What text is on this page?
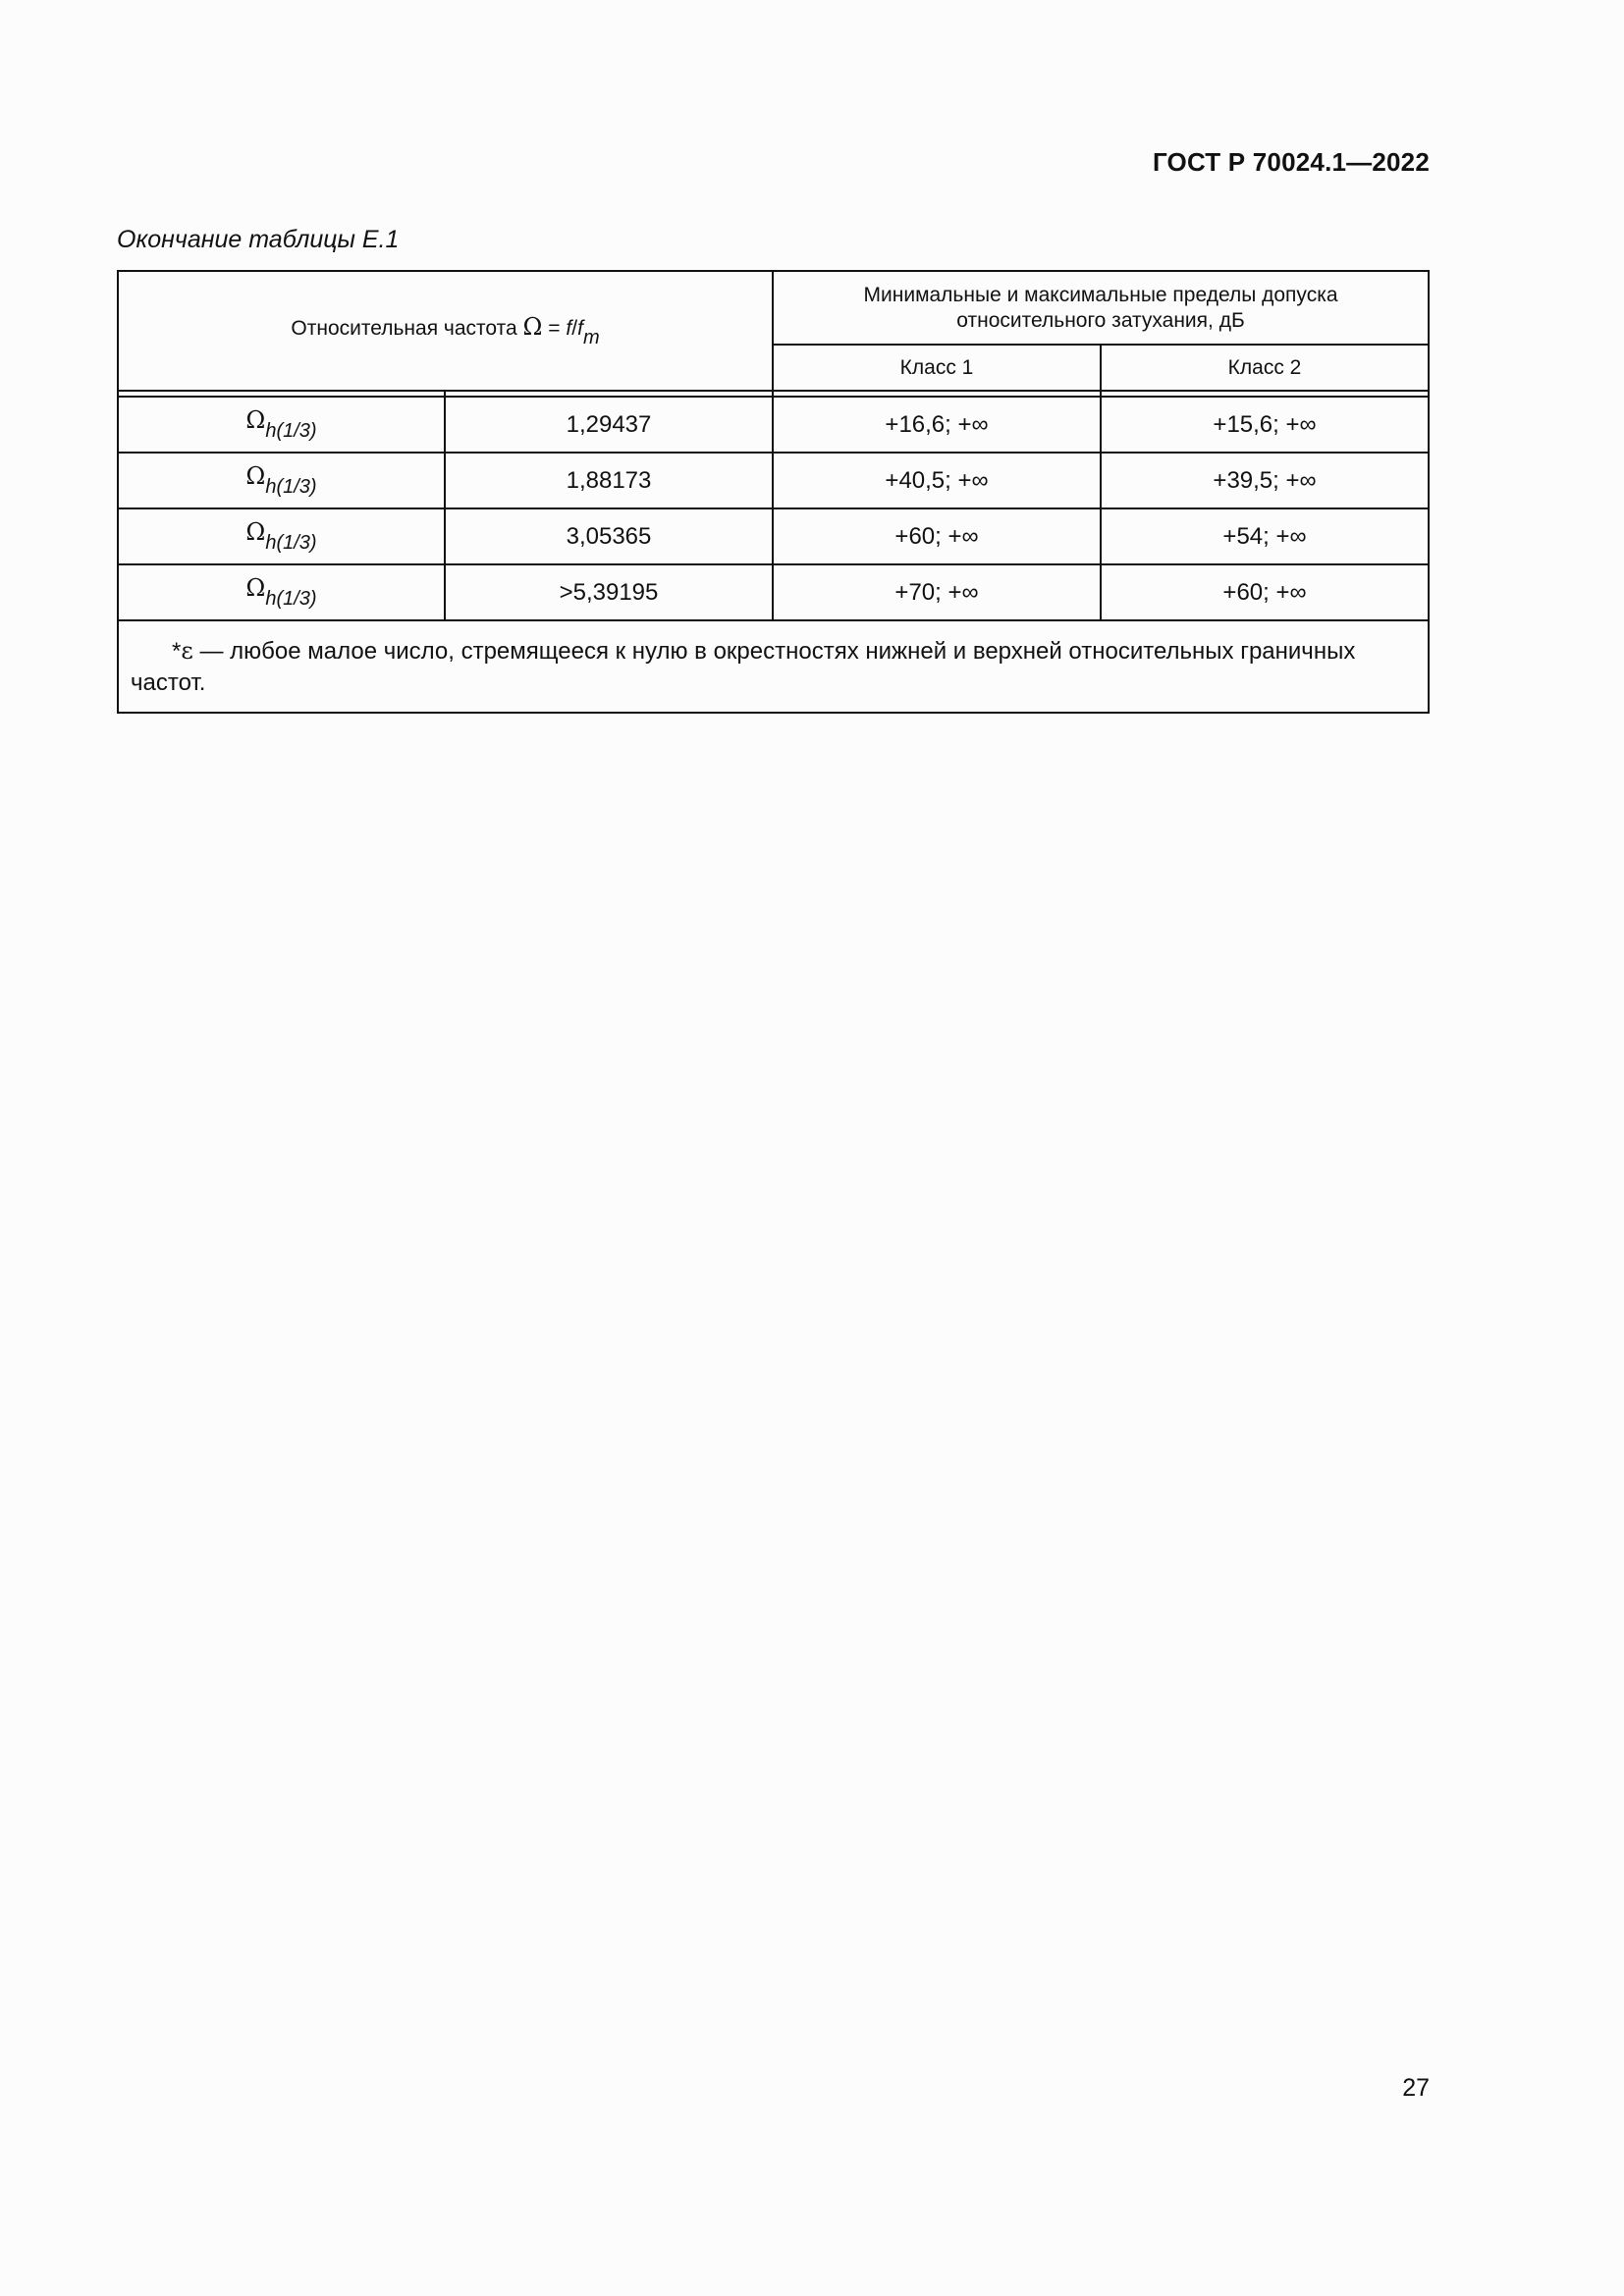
ГОСТ Р 70024.1—2022
Окончание таблицы Е.1
Относительная частота Ω = f/fm		Минимальные и максимальные пределы допуска
относительного затухания, дБ	

		Класс 1	Класс 2

$\Omega_{h(1/3)}$	1,29437	+16,6; +∞	+15,6; +∞
$\Omega_{h(1/3)}$	1,88173	+40,5; +∞	+39,5; +∞
$\Omega_{h(1/3)}$	3,05365	+60; +∞	+54; +∞
$\Omega_{h(1/3)}$	>5,39195	+70; +∞	+60; +∞
*ε — любое малое число, стремящееся к нулю в окрестностях нижней и верхней относительных граничных частот.			
27
